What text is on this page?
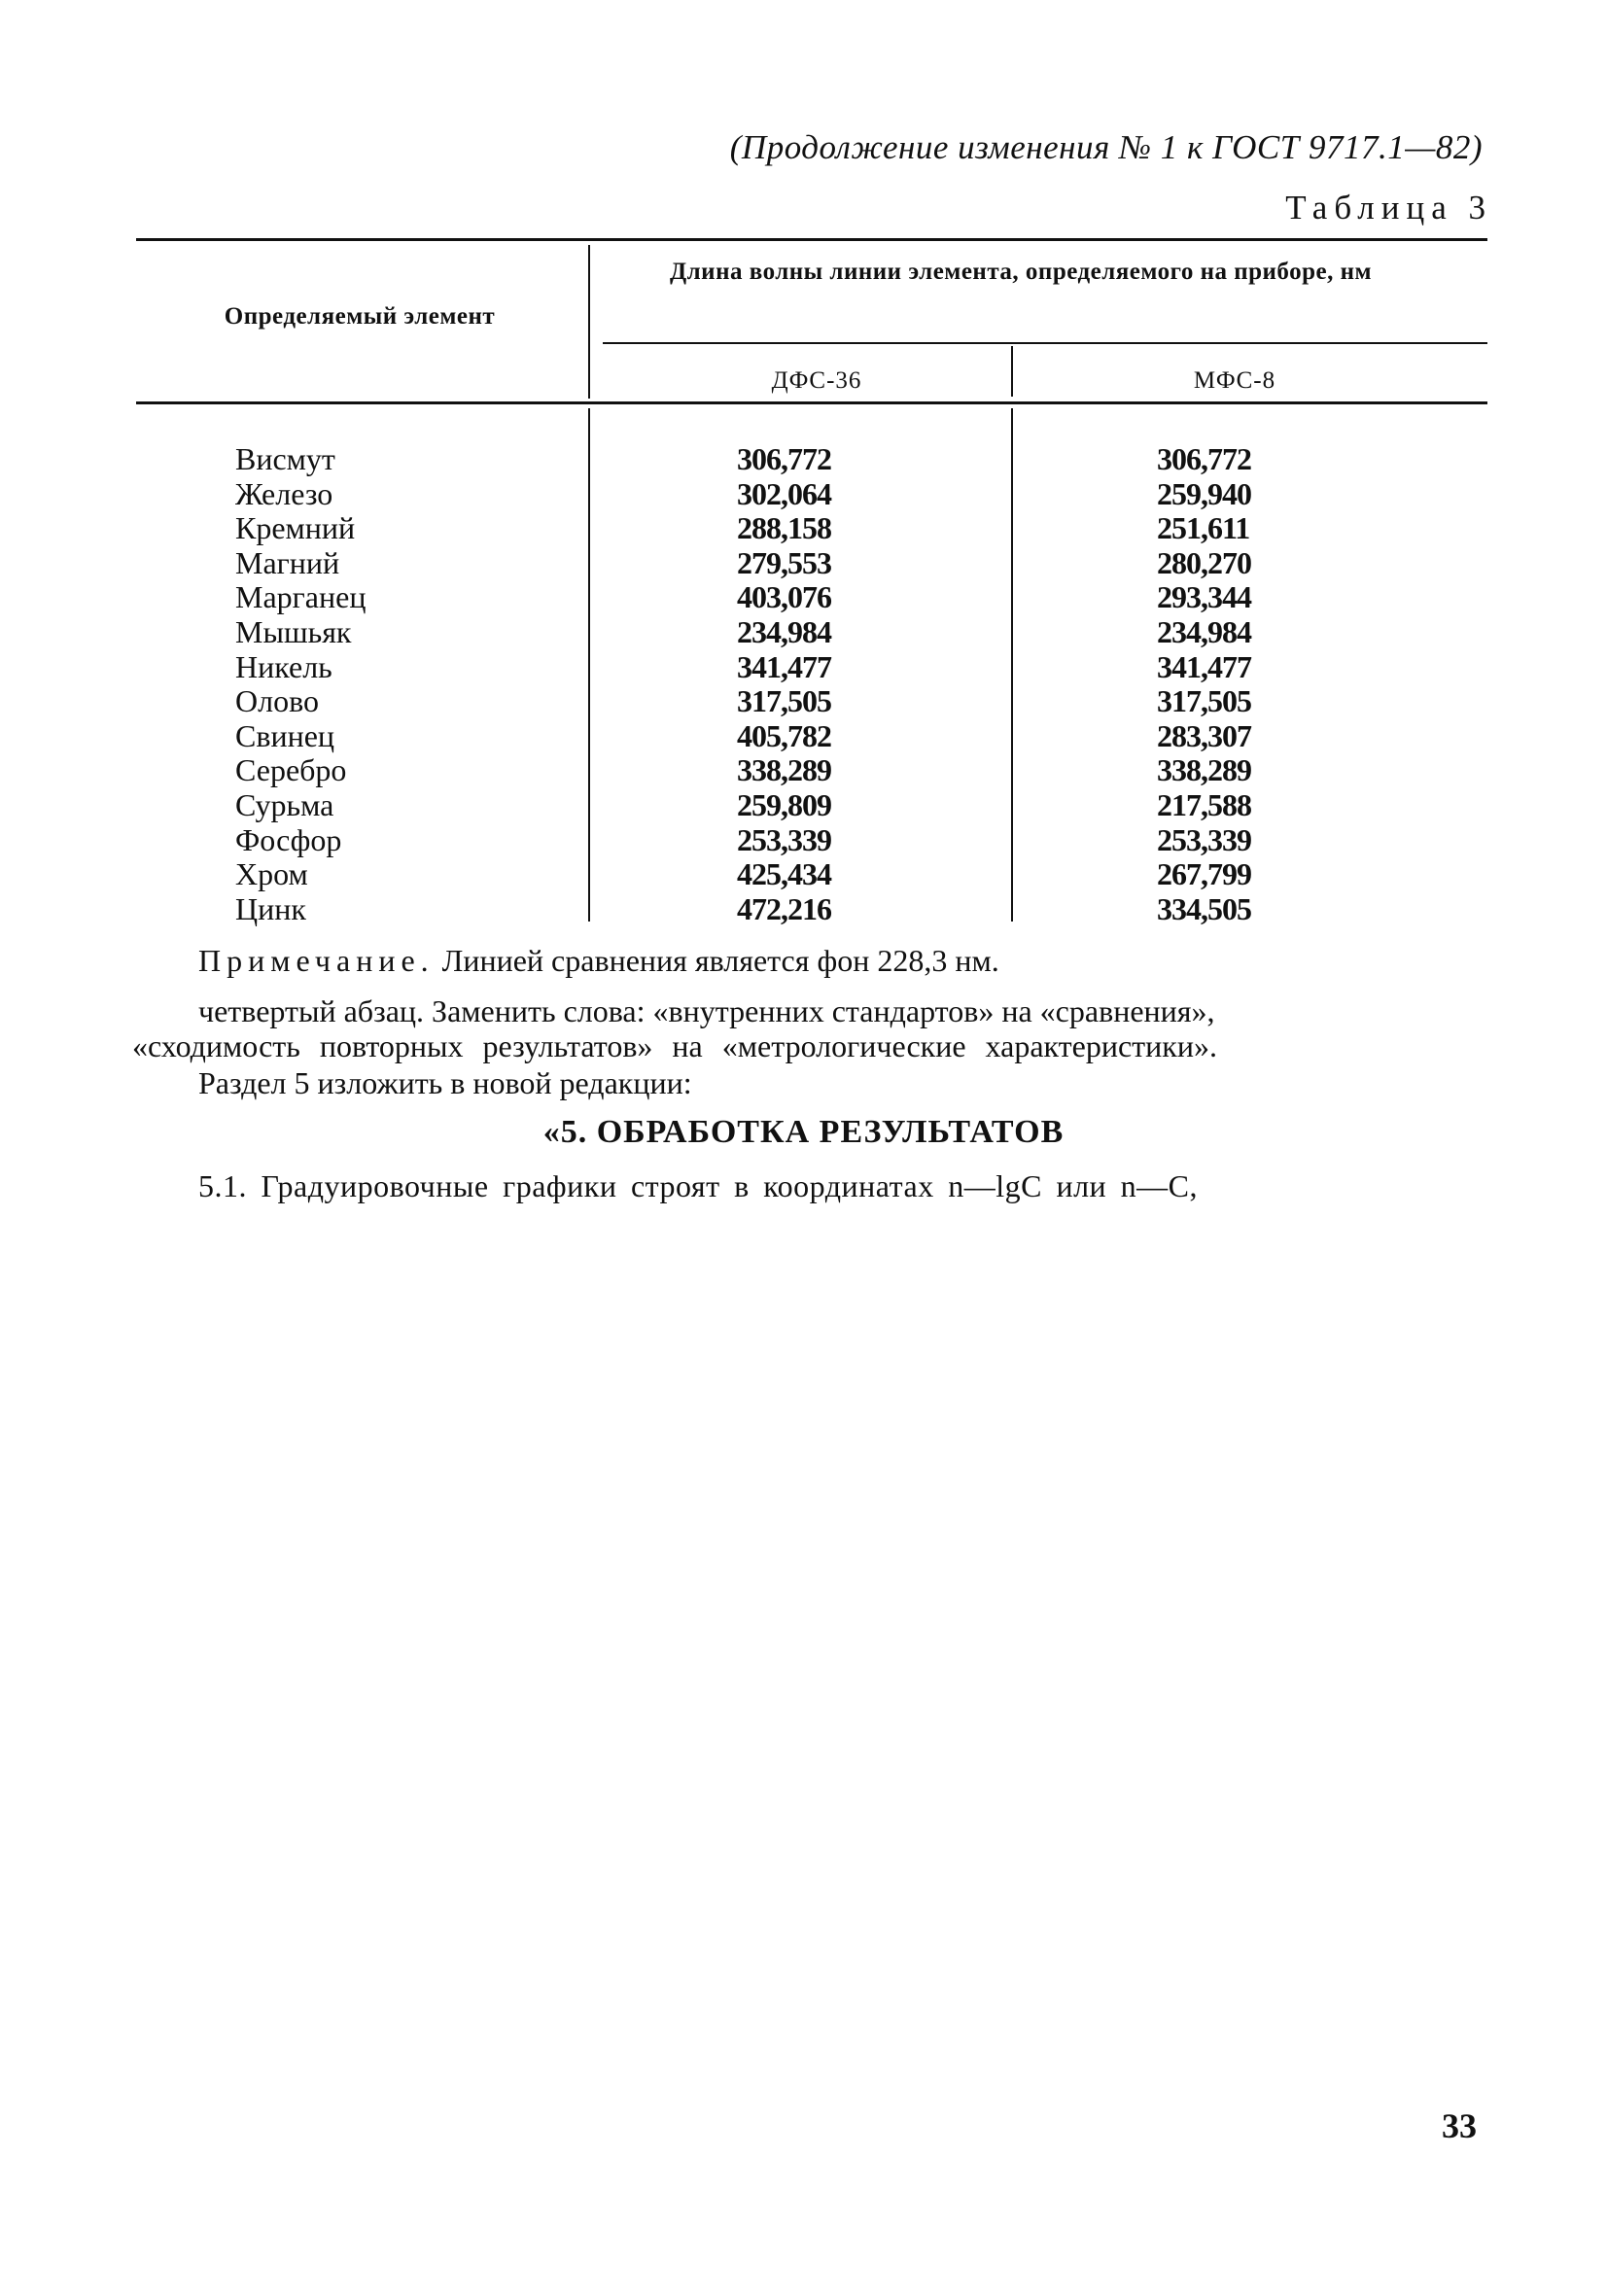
(Продолжение изменения № 1 к ГОСТ 9717.1—82)
Таблица 3
Определяемый элемент
Длина волны линии элемента, определяемого на приборе, нм
ДФС-36	МФС-8
Висмут	306,772	306,772
Железо	302,064	259,940
Кремний	288,158	251,611
Магний	279,553	280,270
Марганец	403,076	293,344
Мышьяк	234,984	234,984
Никель	341,477	341,477
Олово	317,505	317,505
Свинец	405,782	283,307
Серебро	338,289	338,289
Сурьма	259,809	217,588
Фосфор	253,339	253,339
Хром	425,434	267,799
Цинк	472,216	334,505
Примечание. Линией сравнения является фон 228,3 нм.
четвертый абзац. Заменить слова: «внутренних стандартов» на «сравнения»,
«сходимость повторных результатов» на «метрологические характеристики».
Раздел 5 изложить в новой редакции:
«5. ОБРАБОТКА РЕЗУЛЬТАТОВ
5.1. Градуировочные графики строят в координатах n—lgC или n—C,
33
